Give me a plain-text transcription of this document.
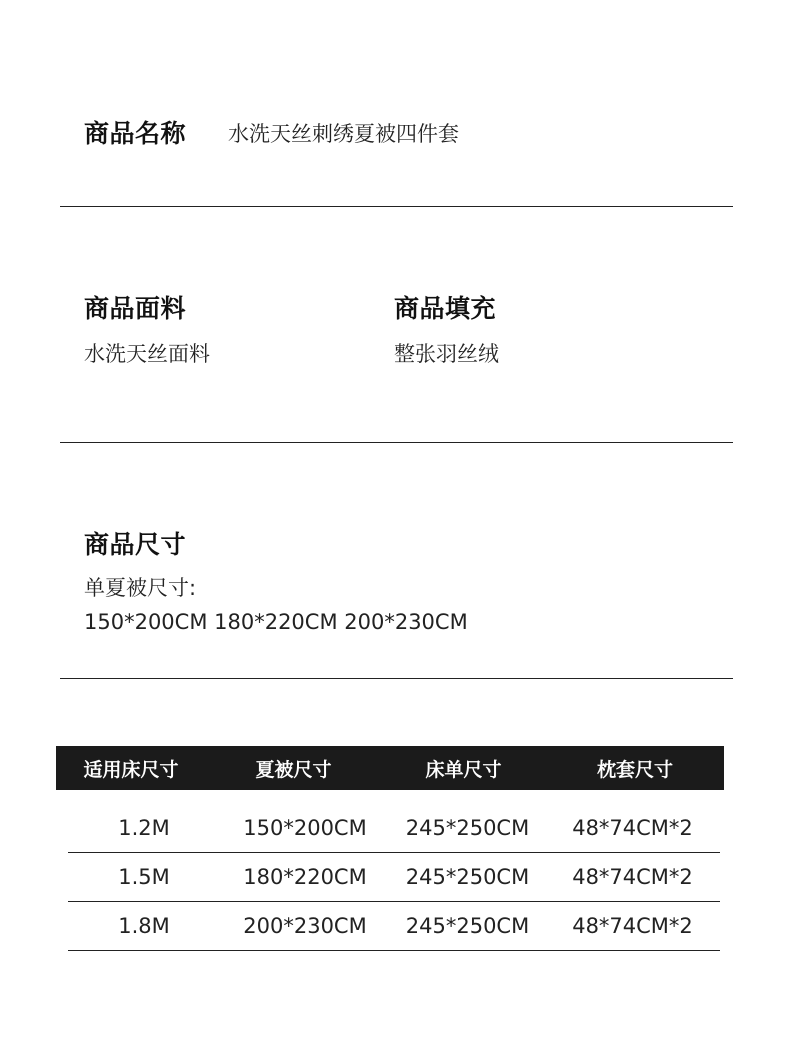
商品名称 水洗天丝刺绣夏被四件套
商品面料
水洗天丝面料
商品填充
整张羽丝绒
商品尺寸
单夏被尺寸:
150*200CM 180*220CM 200*230CM
适用床尺寸	夏被尺寸	床单尺寸	枕套尺寸
1.2M	150*200CM	245*250CM	48*74CM*2
1.5M	180*220CM	245*250CM	48*74CM*2
1.8M	200*230CM	245*250CM	48*74CM*2
